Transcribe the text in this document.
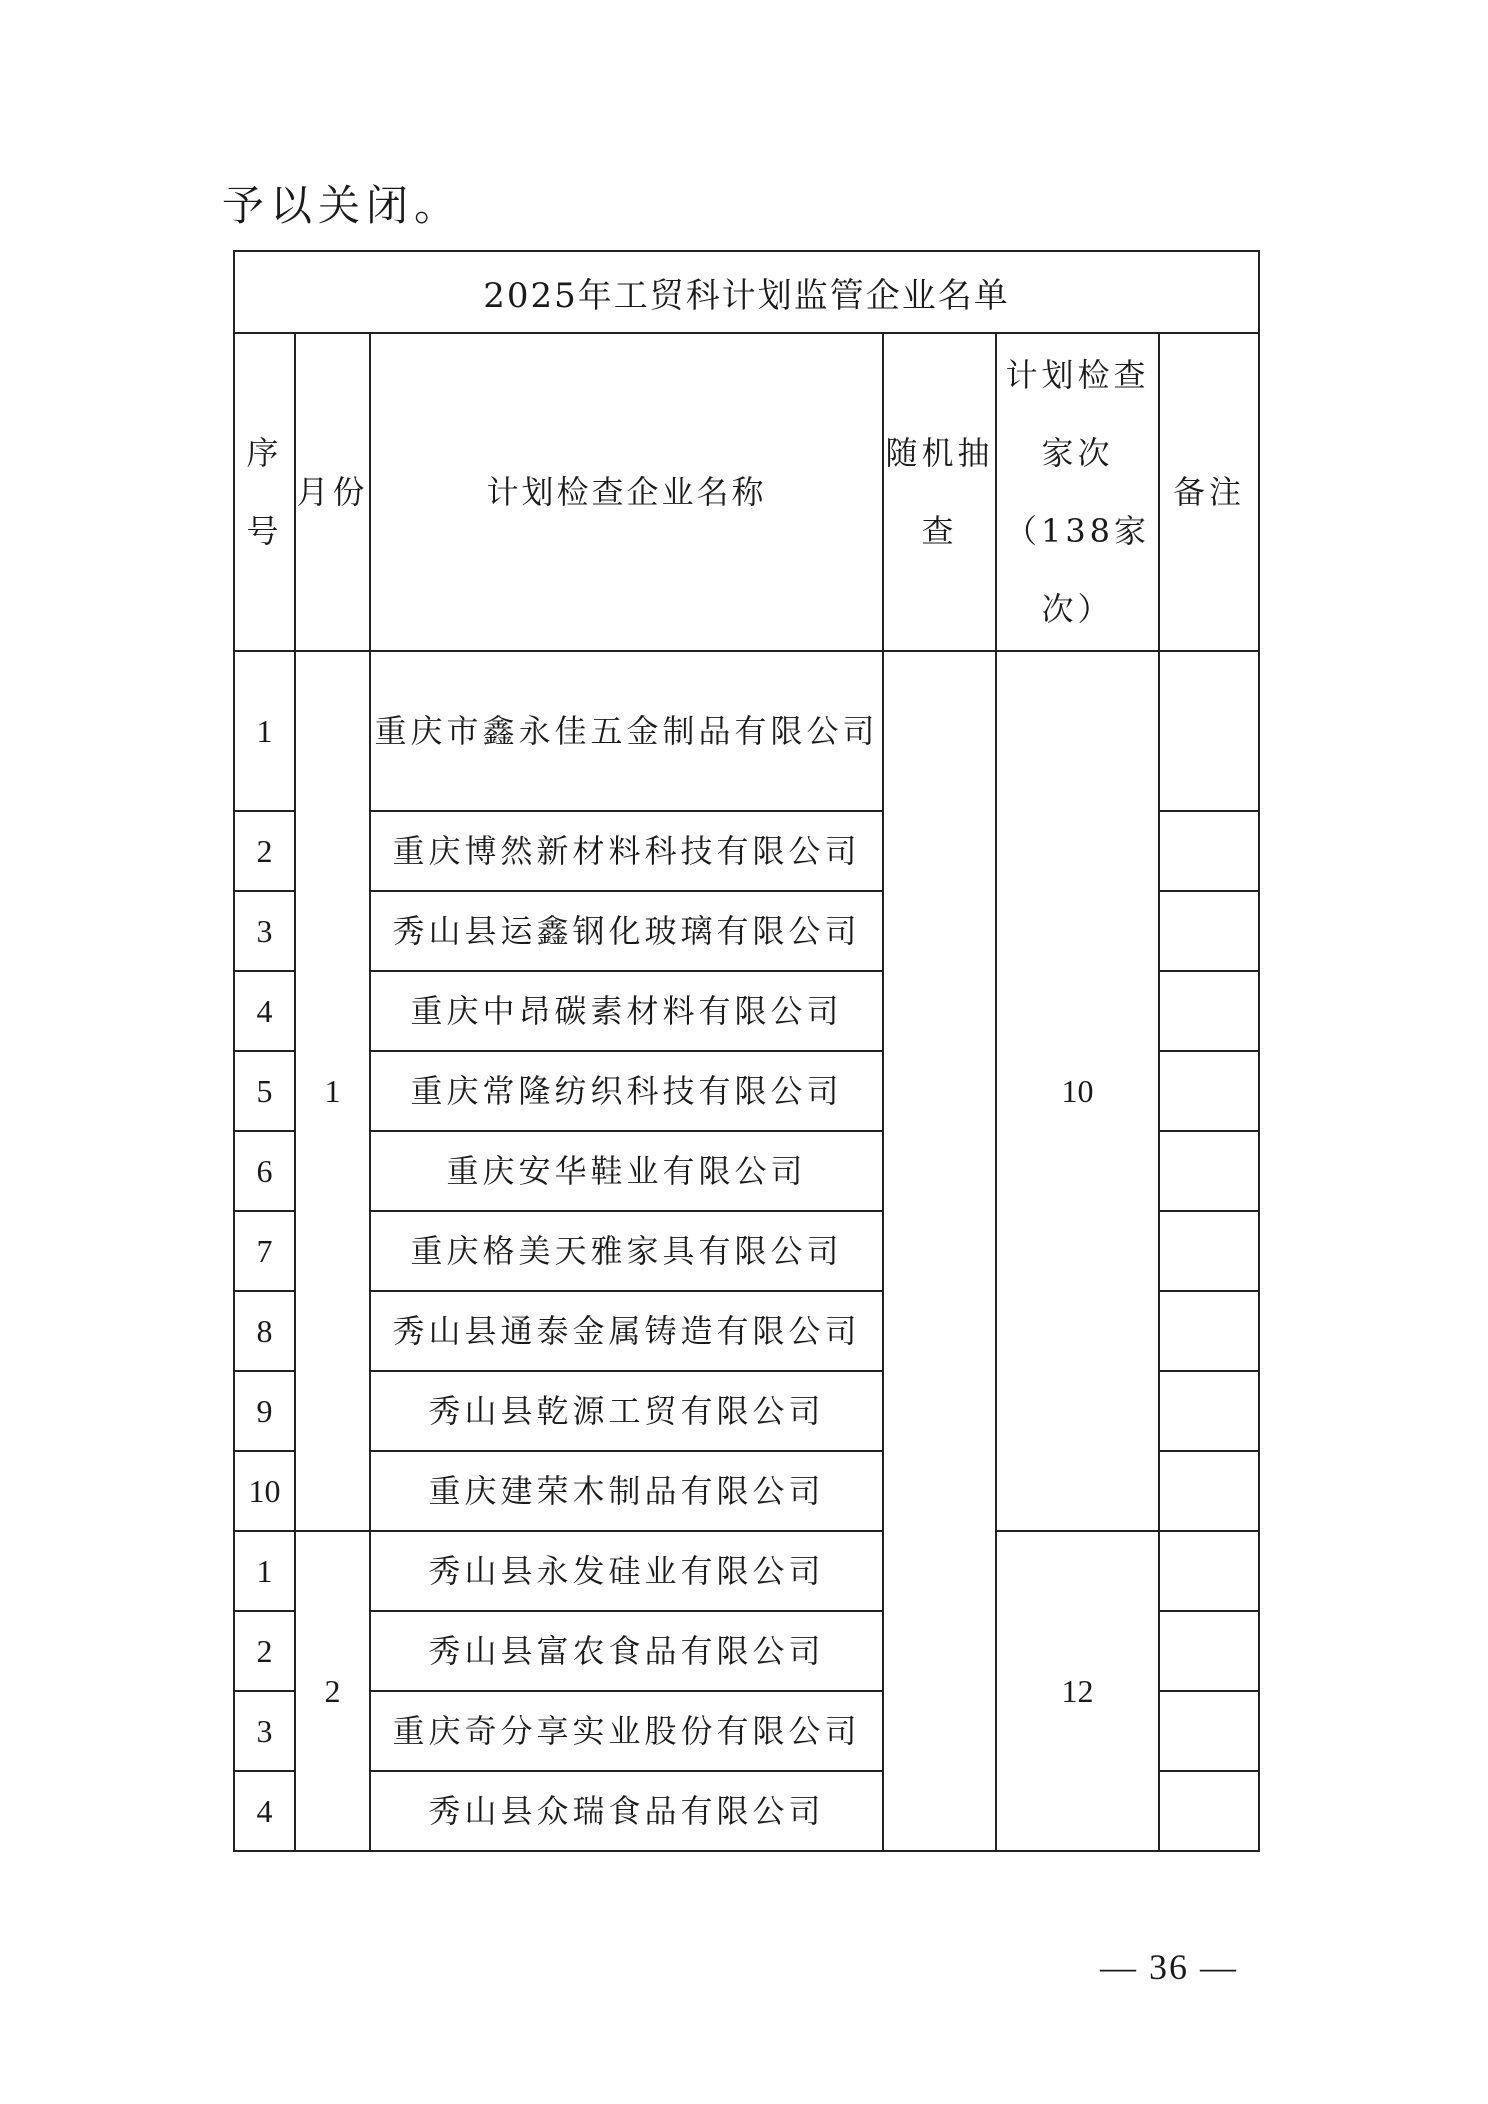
予以关闭。
2025年工贸科计划监管企业名单					
序号	月份	计划检查企业名称	随机抽查	计划检查家次（138家次）	备注
1	1	重庆市鑫永佳五金制品有限公司		10	
2		重庆博然新材料科技有限公司			
3		秀山县运鑫钢化玻璃有限公司			
4		重庆中昂碳素材料有限公司			
5		重庆常隆纺织科技有限公司			
6		重庆安华鞋业有限公司			
7		重庆格美天雅家具有限公司			
8		秀山县通泰金属铸造有限公司			
9		秀山县乾源工贸有限公司			
10		重庆建荣木制品有限公司			
1	2	秀山县永发硅业有限公司		12	
2		秀山县富农食品有限公司			
3		重庆奇分享实业股份有限公司			
4		秀山县众瑞食品有限公司			
— 36 —
